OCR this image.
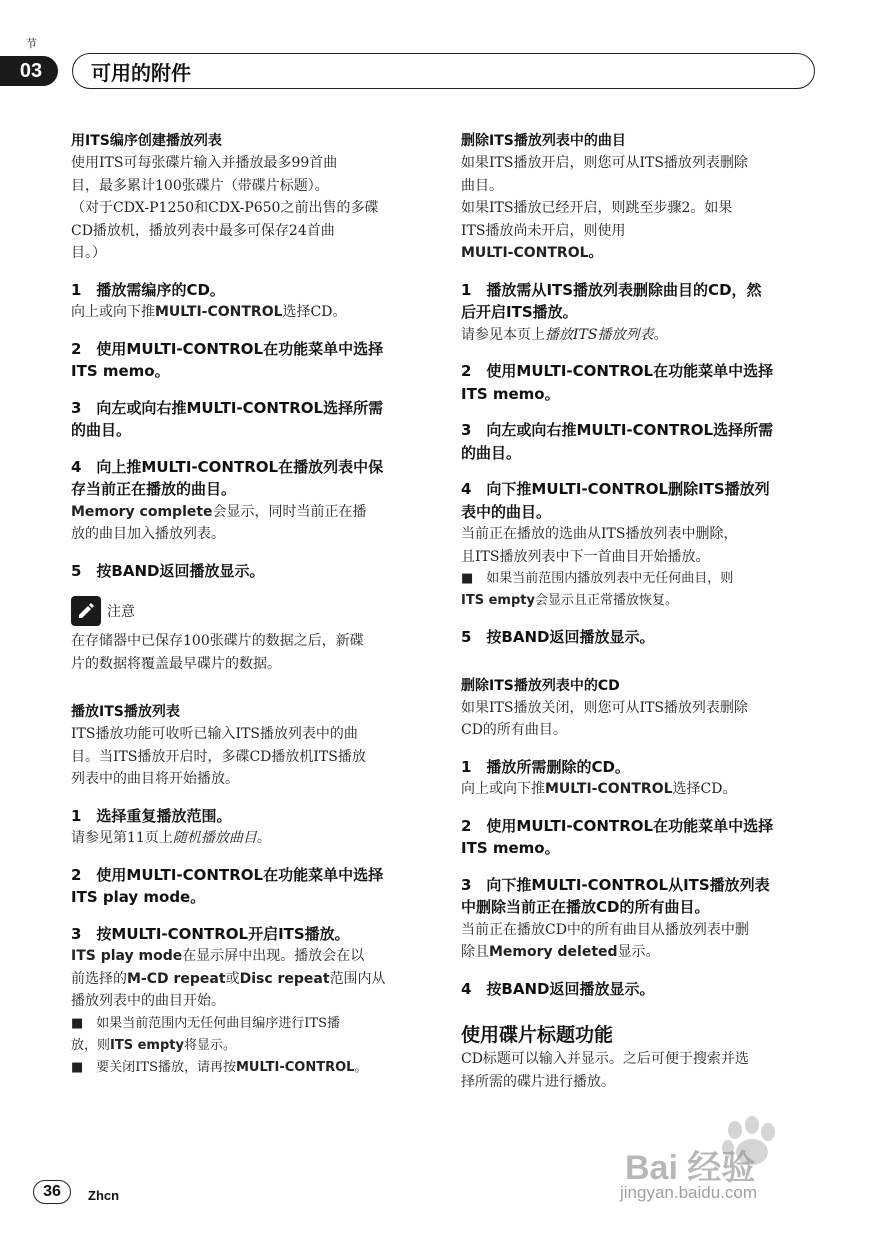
节
03	可用的附件

用ITS编序创建播放列表

使用ITS可每张碟片输入并播放最多99首曲

目，最多累计100张碟片（带碟片标题）。

（对于CDX-P1250和CDX-P650之前出售的多碟

CD播放机，播放列表中最多可保存24首曲

目。）

1　播放需编序的CD。

向上或向下推MULTI-CONTROL选择CD。

2　使用MULTI-CONTROL在功能菜单中选择

ITS memo。

3　向左或向右推MULTI-CONTROL选择所需

的曲目。

4　向上推MULTI-CONTROL在播放列表中保

存当前正在播放的曲目。

Memory complete会显示，同时当前正在播

放的曲目加入播放列表。

5　按BAND返回播放显示。

注意

在存储器中已保存100张碟片的数据之后，新碟

片的数据将覆盖最早碟片的数据。

播放ITS播放列表

ITS播放功能可收听已输入ITS播放列表中的曲

目。当ITS播放开启时，多碟CD播放机ITS播放

列表中的曲目将开始播放。

1　选择重复播放范围。

请参见第11页上随机播放曲目。

2　使用MULTI-CONTROL在功能菜单中选择

ITS play mode。

3　按MULTI-CONTROL开启ITS播放。

ITS play mode在显示屏中出现。播放会在以

前选择的M-CD repeat或Disc repeat范围内从

播放列表中的曲目开始。

■　如果当前范围内无任何曲目编序进行ITS播

放，则ITS empty将显示。

■　要关闭ITS播放，请再按MULTI-CONTROL。

删除ITS播放列表中的曲目

如果ITS播放开启，则您可从ITS播放列表删除

曲目。

如果ITS播放已经开启，则跳至步骤2。如果

ITS播放尚未开启，则使用

MULTI-CONTROL。

1　播放需从ITS播放列表删除曲目的CD，然

后开启ITS播放。

请参见本页上播放ITS播放列表。

2　使用MULTI-CONTROL在功能菜单中选择

ITS memo。

3　向左或向右推MULTI-CONTROL选择所需

的曲目。

4　向下推MULTI-CONTROL删除ITS播放列

表中的曲目。

当前正在播放的选曲从ITS播放列表中删除，

且ITS播放列表中下一首曲目开始播放。

■　如果当前范围内播放列表中无任何曲目，则

ITS empty会显示且正常播放恢复。

5　按BAND返回播放显示。

删除ITS播放列表中的CD

如果ITS播放关闭，则您可从ITS播放列表删除

CD的所有曲目。

1　播放所需删除的CD。

向上或向下推MULTI-CONTROL选择CD。

2　使用MULTI-CONTROL在功能菜单中选择

ITS memo。

3　向下推MULTI-CONTROL从ITS播放列表

中删除当前正在播放CD的所有曲目。

当前正在播放CD中的所有曲目从播放列表中删

除且Memory deleted显示。

4　按BAND返回播放显示。

使用碟片标题功能

CD标题可以输入并显示。之后可便于搜索并选

择所需的碟片进行播放。

Bai 经验
jingyan.baidu.com
36	Zhcn
